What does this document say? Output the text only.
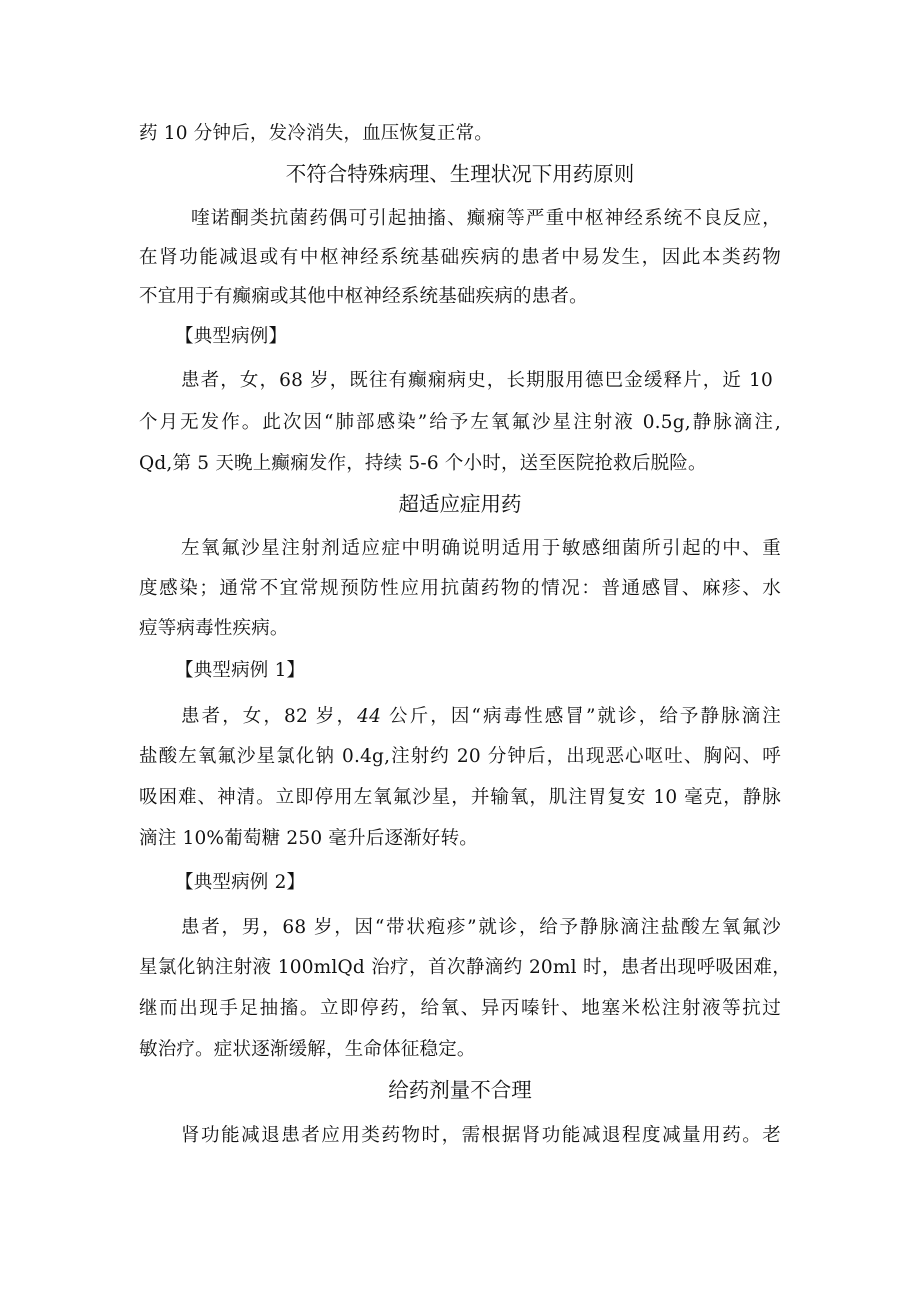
药 10 分钟后，发冷消失，血压恢复正常。
不符合特殊病理、生理状况下用药原则
喹诺酮类抗菌药偶可引起抽搐、癫痫等严重中枢神经系统不良反应，
在肾功能减退或有中枢神经系统基础疾病的患者中易发生，因此本类药物
不宜用于有癫痫或其他中枢神经系统基础疾病的患者。
【典型病例】
患者，女，68 岁，既往有癫痫病史，长期服用德巴金缓释片，近 10
个月无发作。此次因“肺部感染”给予左氧氟沙星注射液 0.5g,静脉滴注,
Qd,第 5 天晚上癫痫发作，持续 5-6 个小时，送至医院抢救后脱险。
超适应症用药
左氧氟沙星注射剂适应症中明确说明适用于敏感细菌所引起的中、重
度感染；通常不宜常规预防性应用抗菌药物的情况：普通感冒、麻疹、水
痘等病毒性疾病。
【典型病例 1】
患者，女，82 岁，44 公斤，因“病毒性感冒”就诊，给予静脉滴注
盐酸左氧氟沙星氯化钠 0.4g,注射约 20 分钟后，出现恶心呕吐、胸闷、呼
吸困难、神清。立即停用左氧氟沙星，并输氧，肌注胃复安 10 毫克，静脉
滴注 10%葡萄糖 250 毫升后逐渐好转。
【典型病例 2】
患者，男，68 岁，因“带状疱疹”就诊，给予静脉滴注盐酸左氧氟沙
星氯化钠注射液 100mlQd 治疗，首次静滴约 20ml 时，患者出现呼吸困难，
继而出现手足抽搐。立即停药，给氧、异丙嗪针、地塞米松注射液等抗过
敏治疗。症状逐渐缓解，生命体征稳定。
给药剂量不合理
肾功能减退患者应用类药物时，需根据肾功能减退程度减量用药。老
